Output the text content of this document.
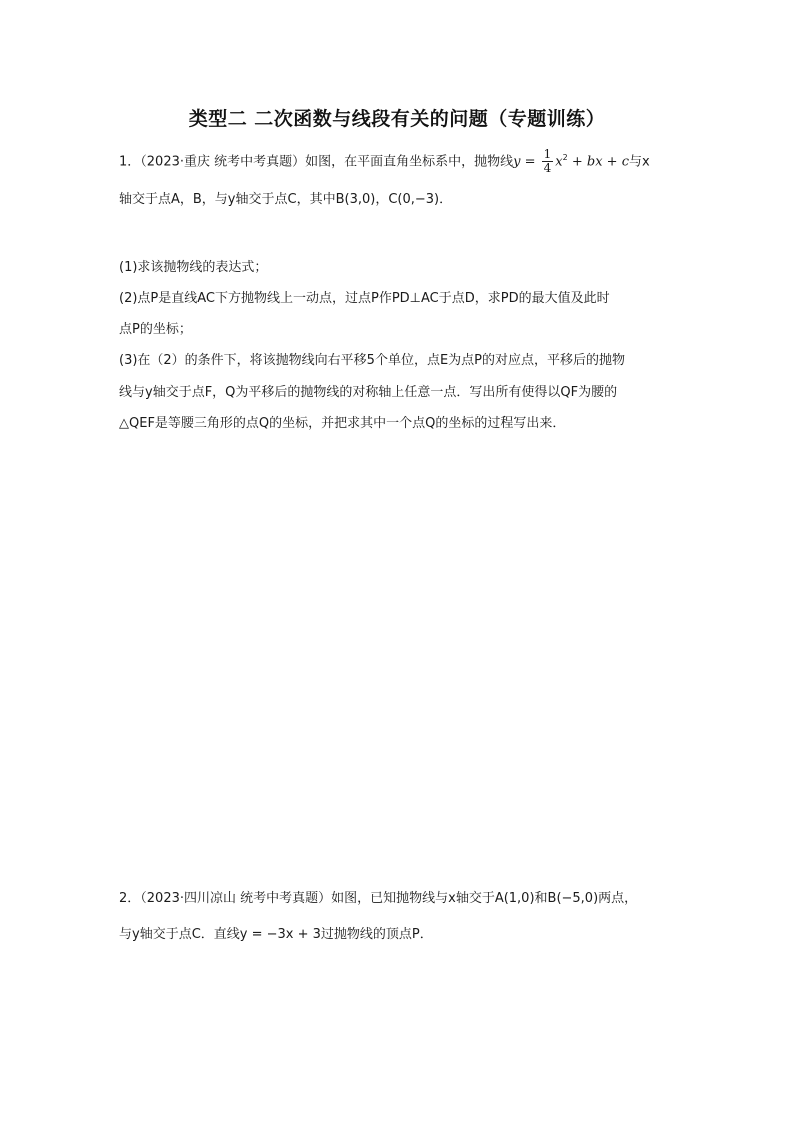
类型二 二次函数与线段有关的问题（专题训练）
1．（2023·重庆 统考中考真题）如图，在平面直角坐标系中，抛物线$y = \frac{1}{4} x^2$ + bx + c与x
轴交于点A，B，与y轴交于点C，其中B(3,0)，C(0,−3)．
(1)求该抛物线的表达式；
(2)点P是直线AC下方抛物线上一动点，过点P作PD⊥AC于点D，求PD的最大值及此时
点P的坐标；
(3)在（2）的条件下，将该抛物线向右平移5个单位，点E为点P的对应点，平移后的抛物
线与y轴交于点F，Q为平移后的抛物线的对称轴上任意一点．写出所有使得以QF为腰的
△QEF是等腰三角形的点Q的坐标，并把求其中一个点Q的坐标的过程写出来．
2．（2023·四川凉山 统考中考真题）如图，已知抛物线与x轴交于A(1,0)和B(−5,0)两点，
与y轴交于点C．直线y = −3x + 3过抛物线的顶点P．
